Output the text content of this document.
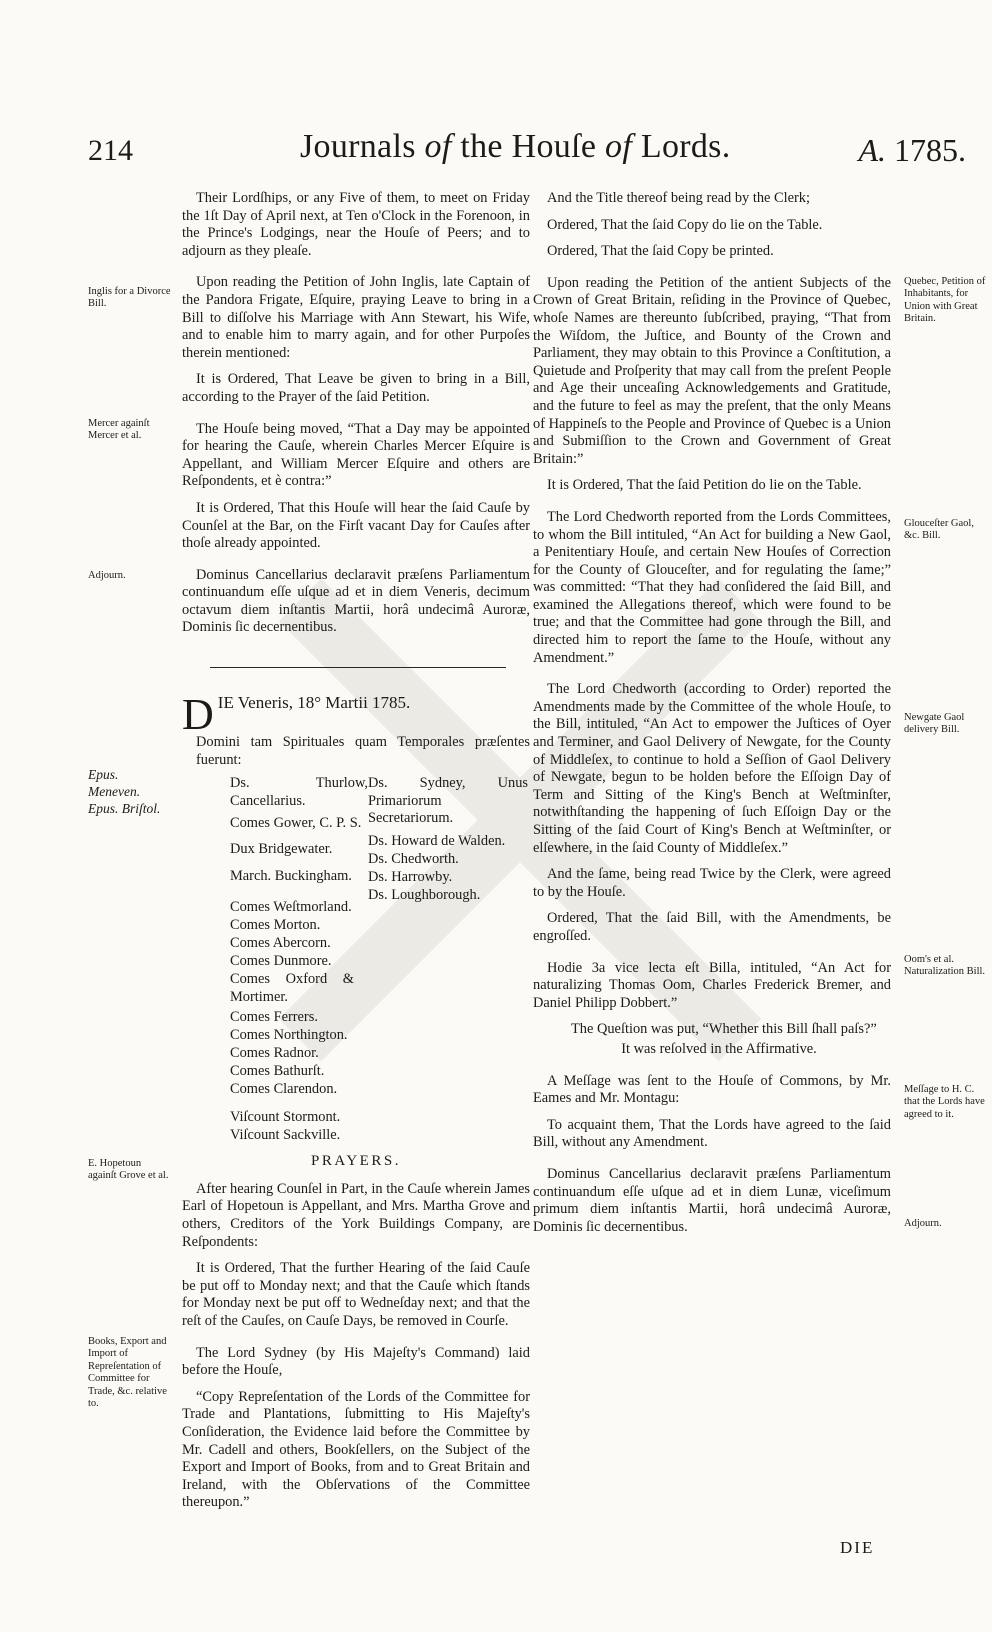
214	Journals of the Houſe of Lords.	A. 1785.
Inglis for a Divorce Bill.
Mercer againſt Mercer et al.
Adjourn.
Epus. Meneven. Epus. Briſtol.
E. Hopetoun againſt Grove et al.
Books, Export and Import of Repreſentation of Committee for Trade, &c. relative to.
Quebec, Petition of Inhabitants, for Union with Great Britain.
Glouceſter Gaol, &c. Bill.
Newgate Gaol delivery Bill.
Oom's et al. Naturalization Bill.
Meſſage to H. C. that the Lords have agreed to it.
Adjourn.

Their Lordſhips, or any Five of them, to meet on Friday the 1ſt Day of April next, at Ten o'Clock in the Forenoon, in the Prince's Lodgings, near the Houſe of Peers; and to adjourn as they pleaſe.

Upon reading the Petition of John Inglis, late Captain of the Pandora Frigate, Eſquire, praying Leave to bring in a Bill to diſſolve his Marriage with Ann Stewart, his Wife, and to enable him to marry again, and for other Purpoſes therein mentioned:

It is Ordered, That Leave be given to bring in a Bill, according to the Prayer of the ſaid Petition.

The Houſe being moved, “That a Day may be appointed for hearing the Cauſe, wherein Charles Mercer Eſquire is Appellant, and William Mercer Eſquire and others are Reſpondents, et è contra:”

It is Ordered, That this Houſe will hear the ſaid Cauſe by Counſel at the Bar, on the Firſt vacant Day for Cauſes after thoſe already appointed.

Dominus Cancellarius declaravit præſens Parliamentum continuandum eſſe uſque ad et in diem Veneris, decimum octavum diem inſtantis Martii, horâ undecimâ Auroræ, Dominis ſic decernentibus.

DIE Veneris, 18° Martii 1785.

Domini tam Spirituales quam Temporales præſentes fuerunt:

Ds. Thurlow, Cancellarius.
Comes Gower, C. P. S.
Dux Bridgewater.
March. Buckingham.
Comes Weſtmorland.
Comes Morton.
Comes Abercorn.
Comes Dunmore.
Comes Oxford & Mortimer.
Comes Ferrers.
Comes Northington.
Comes Radnor.
Comes Bathurſt.
Comes Clarendon.
Viſcount Stormont.
Viſcount Sackville.
Ds. Sydney, Unus Primariorum Secretariorum.
Ds. Howard de Walden.
Ds. Chedworth.
Ds. Harrowby.
Ds. Loughborough.
PRAYERS.

After hearing Counſel in Part, in the Cauſe wherein James Earl of Hopetoun is Appellant, and Mrs. Martha Grove and others, Creditors of the York Buildings Company, are Reſpondents:

It is Ordered, That the further Hearing of the ſaid Cauſe be put off to Monday next; and that the Cauſe which ſtands for Monday next be put off to Wedneſday next; and that the reſt of the Cauſes, on Cauſe Days, be removed in Courſe.

The Lord Sydney (by His Majeſty's Command) laid before the Houſe,

“Copy Repreſentation of the Lords of the Committee for Trade and Plantations, ſubmitting to His Majeſty's Conſideration, the Evidence laid before the Committee by Mr. Cadell and others, Bookſellers, on the Subject of the Export and Import of Books, from and to Great Britain and Ireland, with the Obſervations of the Committee thereupon.”

And the Title thereof being read by the Clerk;

Ordered, That the ſaid Copy do lie on the Table.

Ordered, That the ſaid Copy be printed.

Upon reading the Petition of the antient Subjects of the Crown of Great Britain, reſiding in the Province of Quebec, whoſe Names are thereunto ſubſcribed, praying, “That from the Wiſdom, the Juſtice, and Bounty of the Crown and Parliament, they may obtain to this Province a Conſtitution, a Quietude and Proſperity that may call from the preſent People and Age their unceaſing Acknowledgements and Gratitude, and the future to feel as may the preſent, that the only Means of Happineſs to the People and Province of Quebec is a Union and Submiſſion to the Crown and Government of Great Britain:”

It is Ordered, That the ſaid Petition do lie on the Table.

The Lord Chedworth reported from the Lords Committees, to whom the Bill intituled, “An Act for building a New Gaol, a Penitentiary Houſe, and certain New Houſes of Correction for the County of Glouceſter, and for regulating the ſame;” was committed: “That they had conſidered the ſaid Bill, and examined the Allegations thereof, which were found to be true; and that the Committee had gone through the Bill, and directed him to report the ſame to the Houſe, without any Amendment.”

The Lord Chedworth (according to Order) reported the Amendments made by the Committee of the whole Houſe, to the Bill, intituled, “An Act to empower the Juſtices of Oyer and Terminer, and Gaol Delivery of Newgate, for the County of Middleſex, to continue to hold a Seſſion of Gaol Delivery of Newgate, begun to be holden before the Eſſoign Day of Term and Sitting of the King's Bench at Weſtminſter, notwithſtanding the happening of ſuch Eſſoign Day or the Sitting of the ſaid Court of King's Bench at Weſtminſter, or elſewhere, in the ſaid County of Middleſex.”

And the ſame, being read Twice by the Clerk, were agreed to by the Houſe.

Ordered, That the ſaid Bill, with the Amendments, be engroſſed.

Hodie 3a vice lecta eſt Billa, intituled, “An Act for naturalizing Thomas Oom, Charles Frederick Bremer, and Daniel Philipp Dobbert.”

The Queſtion was put, “Whether this Bill ſhall paſs?”

It was reſolved in the Affirmative.

A Meſſage was ſent to the Houſe of Commons, by Mr. Eames and Mr. Montagu:

To acquaint them, That the Lords have agreed to the ſaid Bill, without any Amendment.

Dominus Cancellarius declaravit præſens Parliamentum continuandum eſſe uſque ad et in diem Lunæ, viceſimum primum diem inſtantis Martii, horâ undecimâ Auroræ, Dominis ſic decernentibus.

DIE
